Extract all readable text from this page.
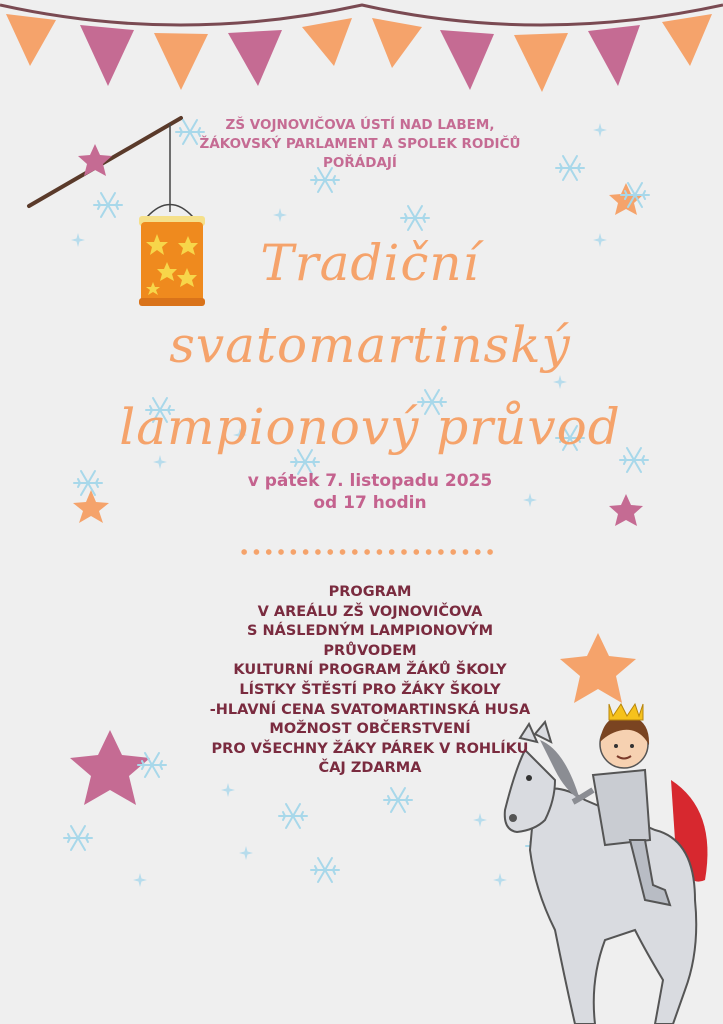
ZŠ VOJNOVIČOVA ÚSTÍ NAD LABEM,
ŽÁKOVSKÝ PARLAMENT A SPOLEK RODIČŮ
POŘÁDAJÍ
Tradiční
svatomartinský
lampionový průvod
v pátek 7. listopadu 2025
od 17 hodin
PROGRAM
V AREÁLU ZŠ VOJNOVIČOVA
S NÁSLEDNÝM LAMPIONOVÝM
PRŮVODEM
KULTURNÍ PROGRAM ŽÁKŮ ŠKOLY
LÍSTKY ŠTĚSTÍ PRO ŽÁKY ŠKOLY
-HLAVNÍ CENA SVATOMARTINSKÁ HUSA
MOŽNOST OBČERSTVENÍ
PRO VŠECHNY ŽÁKY PÁREK V ROHLÍKU
ČAJ ZDARMA
